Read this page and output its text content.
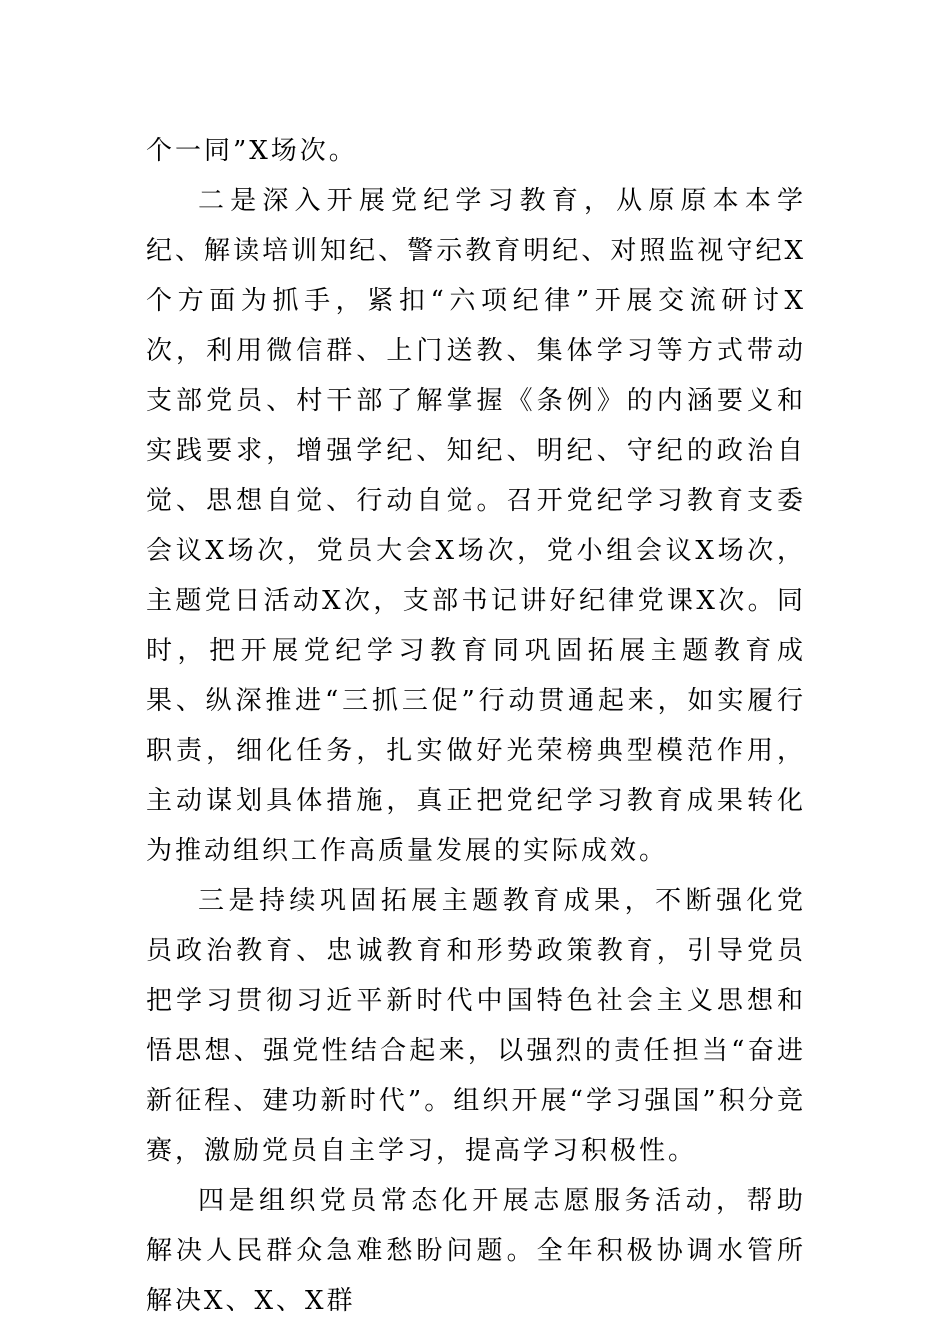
个一同”X场次。

二是深入开展党纪学习教育，从原原本本学纪、解读培训知纪、警示教育明纪、对照监视守纪X个方面为抓手，紧扣“六项纪律”开展交流研讨X次，利用微信群、上门送教、集体学习等方式带动支部党员、村干部了解掌握《条例》的内涵要义和实践要求，增强学纪、知纪、明纪、守纪的政治自觉、思想自觉、行动自觉。召开党纪学习教育支委会议X场次，党员大会X场次，党小组会议X场次，主题党日活动X次，支部书记讲好纪律党课X次。同时，把开展党纪学习教育同巩固拓展主题教育成果、纵深推进“三抓三促”行动贯通起来，如实履行职责，细化任务，扎实做好光荣榜典型模范作用，主动谋划具体措施，真正把党纪学习教育成果转化为推动组织工作高质量发展的实际成效。

三是持续巩固拓展主题教育成果，不断强化党员政治教育、忠诚教育和形势政策教育，引导党员把学习贯彻习近平新时代中国特色社会主义思想和悟思想、强党性结合起来，以强烈的责任担当“奋进新征程、建功新时代”。组织开展“学习强国”积分竞赛，激励党员自主学习，提高学习积极性。

四是组织党员常态化开展志愿服务活动，帮助解决人民群众急难愁盼问题。全年积极协调水管所解决X、X、X群
